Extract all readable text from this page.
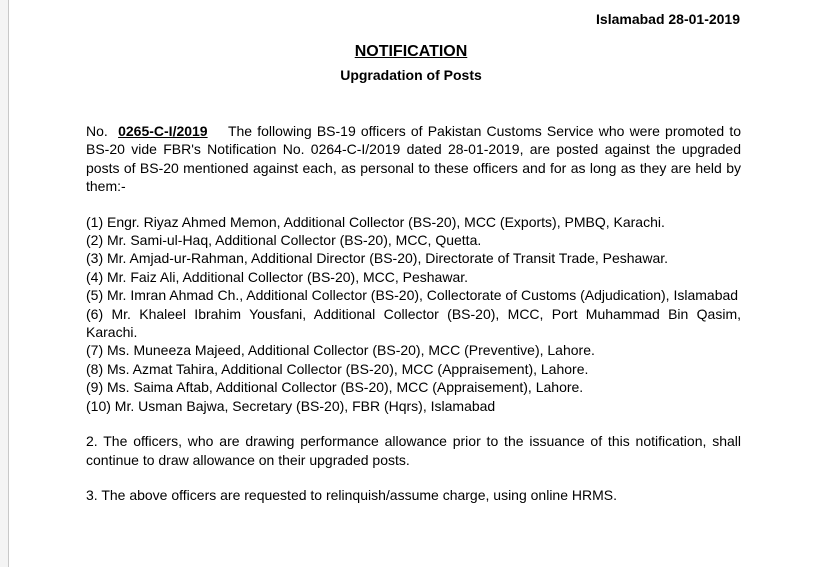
Islamabad 28-01-2019
NOTIFICATION
Upgradation of Posts

No. 0265-C-I/2019 The following BS-19 officers of Pakistan Customs Service who were promoted to BS-20 vide FBR's Notification No. 0264-C-I/2019 dated 28-01-2019, are posted against the upgraded posts of BS-20 mentioned against each, as personal to these officers and for as long as they are held by them:-

(1) Engr. Riyaz Ahmed Memon, Additional Collector (BS-20), MCC (Exports), PMBQ, Karachi.
(2) Mr. Sami-ul-Haq, Additional Collector (BS-20), MCC, Quetta.
(3) Mr. Amjad-ur-Rahman, Additional Director (BS-20), Directorate of Transit Trade, Peshawar.
(4) Mr. Faiz Ali, Additional Collector (BS-20), MCC, Peshawar.
(5) Mr. Imran Ahmad Ch., Additional Collector (BS-20), Collectorate of Customs (Adjudication), Islamabad
(6) Mr. Khaleel Ibrahim Yousfani, Additional Collector (BS-20), MCC, Port Muhammad Bin Qasim, Karachi.
(7) Ms. Muneeza Majeed, Additional Collector (BS-20), MCC (Preventive), Lahore.
(8) Ms. Azmat Tahira, Additional Collector (BS-20), MCC (Appraisement), Lahore.
(9) Ms. Saima Aftab, Additional Collector (BS-20), MCC (Appraisement), Lahore.
(10) Mr. Usman Bajwa, Secretary (BS-20), FBR (Hqrs), Islamabad

2. The officers, who are drawing performance allowance prior to the issuance of this notification, shall continue to draw allowance on their upgraded posts.

3. The above officers are requested to relinquish/assume charge, using online HRMS.
